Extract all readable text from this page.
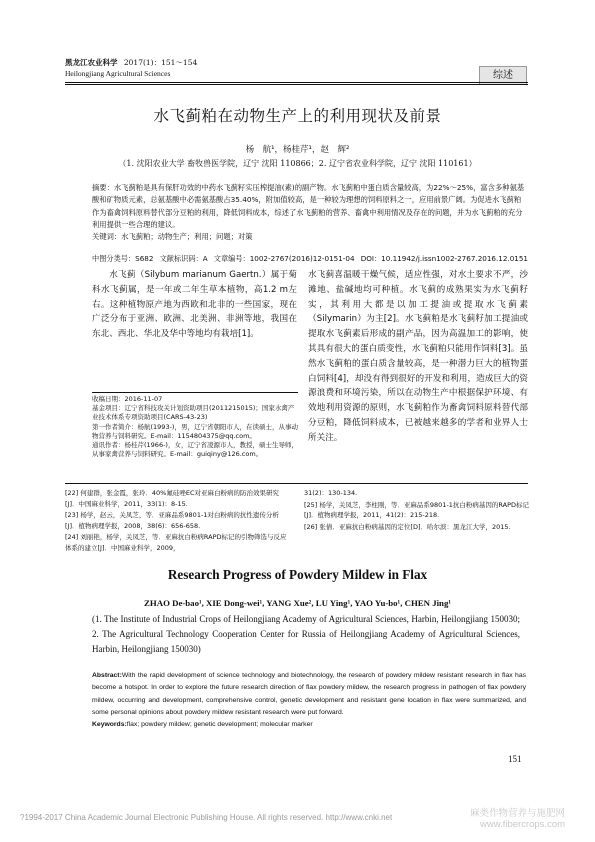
黑龙江农业科学 2017(1)：151～154
Heilongjiang Agricultural Sciences	综述
水飞蓟粕在动物生产上的利用现状及前景
杨　航¹，杨桂芹¹，赵　辉²
（1. 沈阳农业大学 畜牧兽医学院，辽宁 沈阳 110866；2. 辽宁省农业科学院，辽宁 沈阳 110161）
摘要：水飞蓟粕是具有保肝功效的中药水飞蓟籽实压榨提油(素)的副产物。水飞蓟粕中蛋白质含量较高，为22%～25%，富含多种氨基酸和矿物质元素，总氨基酸中必需氨基酸占35.40%，附加值较高，是一种较为理想的饲料原料之一，应用前景广阔。为促进水飞蓟粕作为畜禽饲料原料替代部分豆粕的利用，降低饲料成本，综述了水飞蓟粕的营养、畜禽中利用情况及存在的问题，并为水飞蓟粕的充分利用提供一些合理的建议。
关键词：水飞蓟粕；动物生产；利用；问题；对策
中图分类号：S682 文献标识码：A 文章编号：1002-2767(2016)12-0151-04 DOI：10.11942/j.issn1002-2767.2016.12.0151
水飞蓟（Silybum marianum Gaertn.）属于菊科水飞蓟属，是一年或二年生草本植物，高1.2 m左右。这种植物原产地为西欧和北非的一些国家，现在广泛分布于亚洲、欧洲、北美洲、非洲等地，我国在东北、西北、华北及华中等地均有栽培[1]。
水飞蓟喜温暖干燥气候，适应性强，对水土要求不严，沙滩地、盐碱地均可种植。水飞蓟的成熟果实为水飞蓟籽实，其利用大都是以加工提油或提取水飞蓟素（Silymarin）为主[2]。水飞蓟粕是水飞蓟籽加工提油或提取水飞蓟素后形成的副产品，因为高温加工的影响，使其具有很大的蛋白质变性，水飞蓟粕只能用作饲料[3]。虽然水飞蓟粕的蛋白质含量较高，是一种潜力巨大的植物蛋白饲料[4]，却没有得到很好的开发和利用，造成巨大的资源浪费和环境污染，所以在动物生产中根据保护环境、有效地利用资源的原则，水飞蓟粕作为畜禽饲料原料替代部分豆粕，降低饲料成本，已被越来越多的学者和业界人士所关注。
收稿日期：2016-11-07
基金项目：辽宁省科技攻关计划资助项目(2011215015)；国家水禽产业技术体系专项资助项目(CARS-43-23)
第一作者简介：杨航(1993-)，男，辽宁省朝阳市人，在读硕士，从事动物营养与饲料研究。E-mail：1154804375@qq.com。
通讯作者：杨桂芹(1966-)，女，辽宁省凌源市人，教授，硕士生导师，从事家禽营养与饲料研究。E-mail：guiqiny@126.com。
[22] 何建群，张金霞，张玲．40%氟硅唑EC对亚麻白粉病的防治效果研究[J]．中国麻业科学，2011，33(1)：8-15.
[23] 杨学，赵云，关凤芝，等．亚麻品系9801-1对白粉病的抗性遗传分析[J]．植物病理学报，2008，38(6)：656-658.
[24] 刘丽艳，杨学，关凤芝，等．亚麻抗白粉病RAPD标记的引物筛选与反应体系的建立[J]．中国麻业科学，2009，
31(2)：130-134.
[25] 杨学，关凤芝，李柱刚，等．亚麻品系9801-1抗白粉病基因的RAPD标记[J]．植物病理学报，2011，41(2)：215-218.
[26] 张倩．亚麻抗白粉病基因的定位[D]．哈尔滨：黑龙江大学，2015.
Research Progress of Powdery Mildew in Flax
ZHAO De-bao¹, XIE Dong-wei¹, YANG Xue², LU Ying¹, YAO Yu-bo¹, CHEN Jing¹
(1. The Institute of Industrial Crops of Heilongjiang Academy of Agricultural Sciences, Harbin, Heilongjiang 150030; 2. The Agricultural Technology Cooperation Center for Russia of Heilongjiang Academy of Agricultural Sciences, Harbin, Heilongjiang 150030)
Abstract:With the rapid development of science technology and biotechnology, the research of powdery mildew resistant research in flax has become a hotspot. In order to explore the future research direction of flax powdery mildew, the research progress in pathogen of flax powdery mildew, occurring and development, comprehensive control, genetic development and resistant gene location in flax were summarized, and some personal opinions about powdery mildew resistant research were put forward.
Keywords:flax; powdery mildew; genetic development; molecular marker
151
?1994-2017 China Academic Journal Electronic Publishing House. All rights reserved. http://www.cnki.net	麻类作物营养与施肥网
www.fibercrops.com
